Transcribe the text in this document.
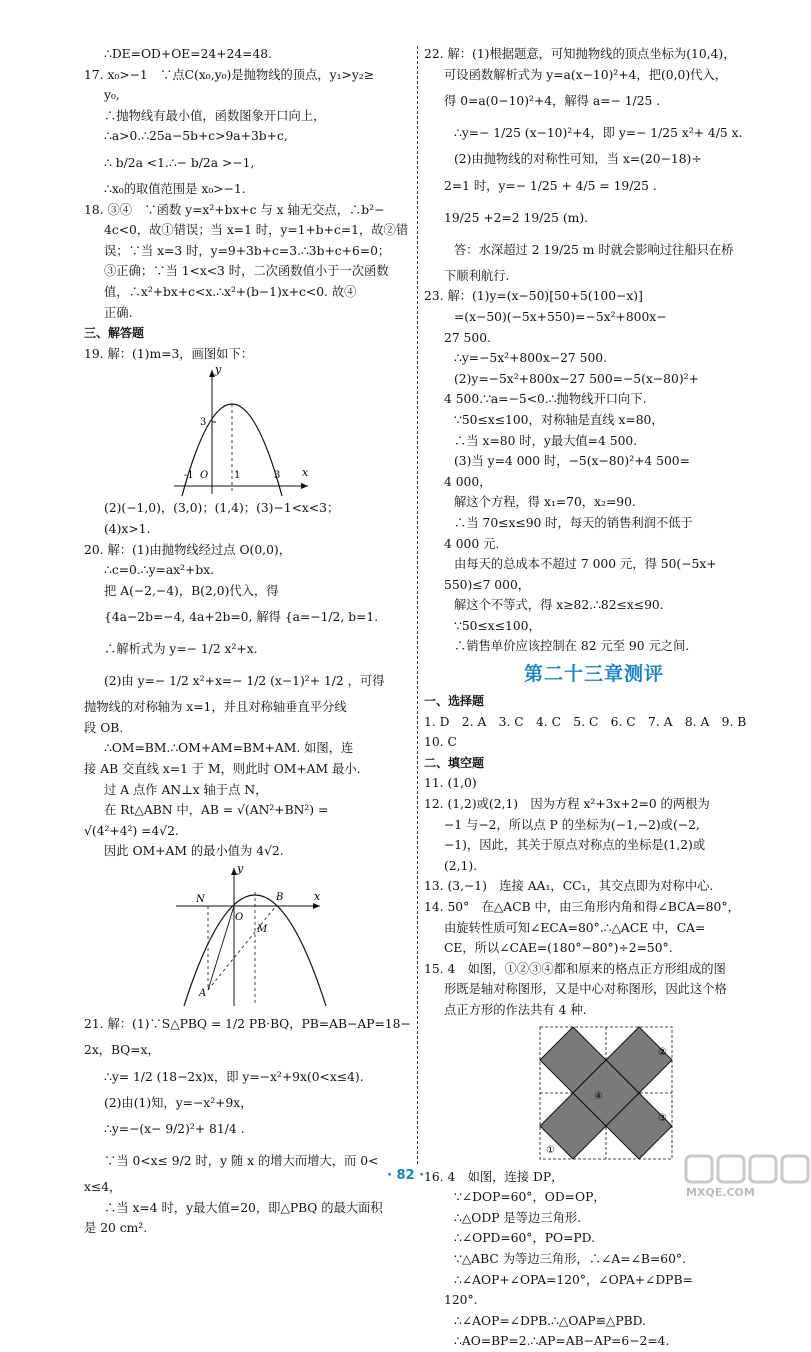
∴DE=OD+OE=24+24=48.

17. x₀>−1　∵点C(x₀,y₀)是抛物线的顶点，y₁>y₂≥

y₀,

∴抛物线有最小值，函数图象开口向上，

∴a>0.∴25a−5b+c>9a+3b+c,

∴ b/2a <1.∴− b/2a >−1,

∴x₀的取值范围是 x₀>−1.

18. ③④　∵函数 y=x²+bx+c 与 x 轴无交点，∴b²−

4c<0，故①错误；当 x=1 时，y=1+b+c=1，故②错

误；∵当 x=3 时，y=9+3b+c=3.∴3b+c+6=0；

③正确；∵当 1<x<3 时，二次函数值小于一次函数

值，∴x²+bx+c<x.∴x²+(b−1)x+c<0. 故④

正确.

三、解答题

19. 解：(1)m=3，画图如下：

y
x
O
3
-1	1	3

(2)(−1,0)，(3,0)；(1,4)；(3)−1<x<3；

(4)x>1.

20. 解：(1)由抛物线经过点 O(0,0)，

∴c=0.∴y=ax²+bx.

把 A(−2,−4)，B(2,0)代入，得

{4a−2b=−4, 4a+2b=0, 解得 {a=−1/2, b=1.

∴解析式为 y=− 1/2 x²+x.

(2)由 y=− 1/2 x²+x=− 1/2 (x−1)²+ 1/2 ，可得

抛物线的对称轴为 x=1，并且对称轴垂直平分线

段 OB.

∴OM=BM.∴OM+AM=BM+AM. 如图，连

接 AB 交直线 x=1 于 M，则此时 OM+AM 最小.

过 A 点作 AN⊥x 轴于点 N，

在 Rt△ABN 中，AB = √(AN²+BN²) =

√(4²+4²) =4√2.

因此 OM+AM 的最小值为 4√2.

y
x
O
N	B
M
A

21. 解：(1)∵S△PBQ = 1/2 PB·BQ，PB=AB−AP=18−

2x，BQ=x，

∴y= 1/2 (18−2x)x，即 y=−x²+9x(0<x≤4).

(2)由(1)知，y=−x²+9x，

∴y=−(x− 9/2)²+ 81/4 .

∵当 0<x≤ 9/2 时，y 随 x 的增大而增大，而 0<

x≤4，

∴当 x=4 时，y最大值=20，即△PBQ 的最大面积

是 20 cm².

22. 解：(1)根据题意，可知抛物线的顶点坐标为(10,4)，

可设函数解析式为 y=a(x−10)²+4，把(0,0)代入，

得 0=a(0−10)²+4，解得 a=− 1/25 .

∴y=− 1/25 (x−10)²+4，即 y=− 1/25 x²+ 4/5 x.

(2)由抛物线的对称性可知，当 x=(20−18)÷

2=1 时，y=− 1/25 + 4/5 = 19/25 .

19/25 +2=2 19/25 (m).

答：水深超过 2 19/25 m 时就会影响过往船只在桥

下顺利航行.

23. 解：(1)y=(x−50)[50+5(100−x)]

=(x−50)(−5x+550)=−5x²+800x−

27 500.

∴y=−5x²+800x−27 500.

(2)y=−5x²+800x−27 500=−5(x−80)²+

4 500.∵a=−5<0.∴抛物线开口向下.

∵50≤x≤100，对称轴是直线 x=80，

∴当 x=80 时，y最大值=4 500.

(3)当 y=4 000 时，−5(x−80)²+4 500=

4 000，

解这个方程，得 x₁=70，x₂=90.

∴当 70≤x≤90 时，每天的销售利润不低于

4 000 元.

由每天的总成本不超过 7 000 元，得 50(−5x+

550)≤7 000，

解这个不等式，得 x≥82.∴82≤x≤90.

∵50≤x≤100，

∴销售单价应该控制在 82 元至 90 元之间.

第二十三章测评

一、选择题

1. D　2. A　3. C　4. C　5. C　6. C　7. A　8. A　9. B

10. C

二、填空题

11. (1,0)

12. (1,2)或(2,1)　因为方程 x²+3x+2=0 的两根为

−1 与−2，所以点 P 的坐标为(−1,−2)或(−2,

−1)，因此，其关于原点对称点的坐标是(1,2)或

(2,1).

13. (3,−1)　连接 AA₁，CC₁，其交点即为对称中心.

14. 50°　在△ACB 中，由三角形内角和得∠BCA=80°，

由旋转性质可知∠ECA=80°.∴△ACE 中，CA=

CE，所以∠CAE=(180°−80°)÷2=50°.

15. 4　如图，①②③④都和原来的格点正方形组成的图

形既是轴对称图形，又是中心对称图形，因此这个格

点正方形的作法共有 4 种.

①
②
③
④

16. 4　如图，连接 DP，

∵∠DOP=60°，OD=OP，

∴△ODP 是等边三角形.

∴∠OPD=60°，PO=PD.

∵△ABC 为等边三角形，∴∠A=∠B=60°.

∴∠AOP+∠OPA=120°，∠OPA+∠DPB=

120°.

∴∠AOP=∠DPB.∴△OAP≌△PBD.

∴AO=BP=2.∴AP=AB−AP=6−2=4.

· 82 ·
MXQE.COM
